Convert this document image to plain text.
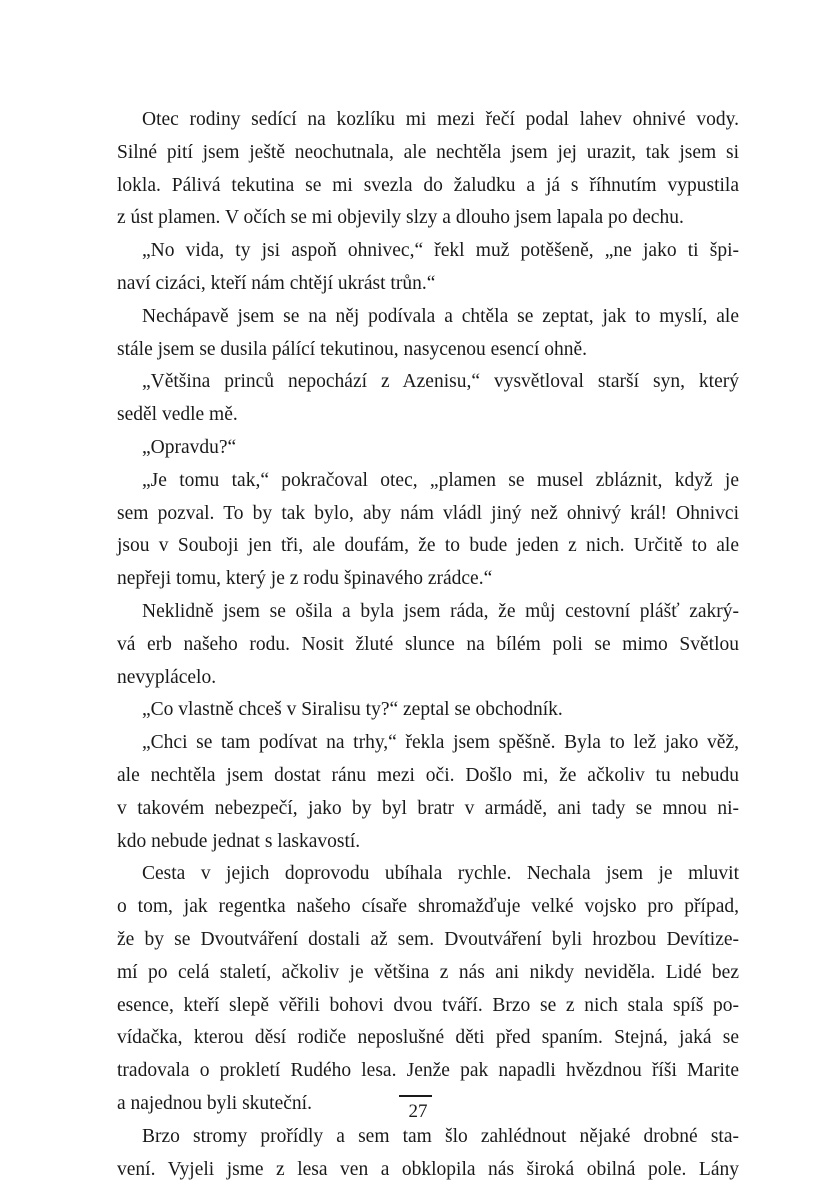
Otec rodiny sedící na kozlíku mi mezi řečí podal lahev ohnivé vody.
Silné pití jsem ještě neochutnala, ale nechtěla jsem jej urazit, tak jsem si
lokla. Pálivá tekutina se mi svezla do žaludku a já s říhnutím vypustila
z úst plamen. V očích se mi objevily slzy a dlouho jsem lapala po dechu.
„No vida, ty jsi aspoň ohnivec,“ řekl muž potěšeně, „ne jako ti špi-
naví cizáci, kteří nám chtějí ukrást trůn.“
Nechápavě jsem se na něj podívala a chtěla se zeptat, jak to myslí, ale
stále jsem se dusila pálící tekutinou, nasycenou esencí ohně.
„Většina princů nepochází z Azenisu,“ vysvětloval starší syn, který
seděl vedle mě.
„Opravdu?“
„Je tomu tak,“ pokračoval otec, „plamen se musel zbláznit, když je
sem pozval. To by tak bylo, aby nám vládl jiný než ohnivý král! Ohnivci
jsou v Souboji jen tři, ale doufám, že to bude jeden z nich. Určitě to ale
nepřeji tomu, který je z rodu špinavého zrádce.“
Neklidně jsem se ošila a byla jsem ráda, že můj cestovní plášť zakrý-
vá erb našeho rodu. Nosit žluté slunce na bílém poli se mimo Světlou
nevyplácelo.
„Co vlastně chceš v Siralisu ty?“ zeptal se obchodník.
„Chci se tam podívat na trhy,“ řekla jsem spěšně. Byla to lež jako věž,
ale nechtěla jsem dostat ránu mezi oči. Došlo mi, že ačkoliv tu nebudu
v takovém nebezpečí, jako by byl bratr v armádě, ani tady se mnou ni-
kdo nebude jednat s laskavostí.
Cesta v jejich doprovodu ubíhala rychle. Nechala jsem je mluvit
o tom, jak regentka našeho císaře shromažďuje velké vojsko pro případ,
že by se Dvoutváření dostali až sem. Dvoutváření byli hrozbou Devítize-
mí po celá staletí, ačkoliv je většina z nás ani nikdy neviděla. Lidé bez
esence, kteří slepě věřili bohovi dvou tváří. Brzo se z nich stala spíš po-
vídačka, kterou děsí rodiče neposlušné děti před spaním. Stejná, jaká se
tradovala o prokletí Rudého lesa. Jenže pak napadli hvězdnou říši Marite
a najednou byli skuteční.
Brzo stromy prořídly a sem tam šlo zahlédnout nějaké drobné sta-
vení. Vyjeli jsme z lesa ven a obklopila nás široká obilná pole. Lány
27
